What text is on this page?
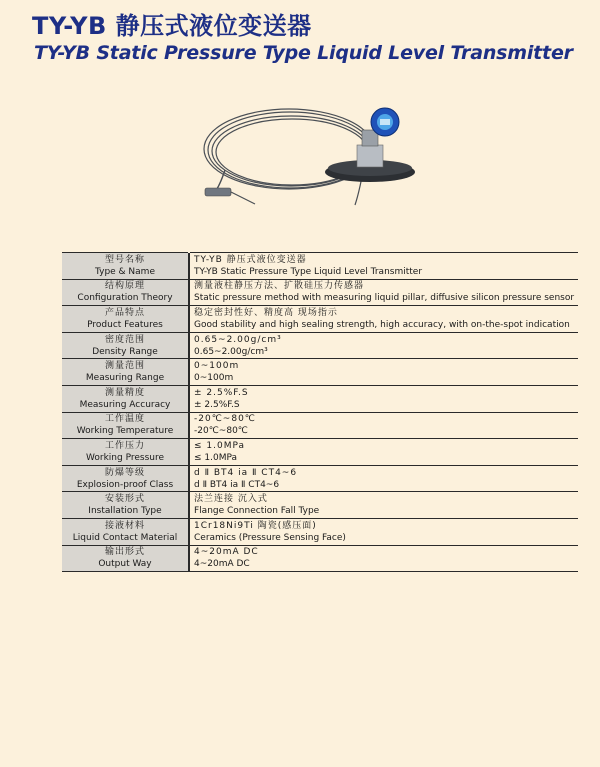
TY-YB 静压式液位变送器
TY-YB Static Pressure Type Liquid Level Transmitter
型号名称
Type & Name		TY-YB 静压式液位变送器
TY-YB Static Pressure Type Liquid Level Transmitter

结构原理
Configuration Theory		测量液柱静压方法、扩散硅压力传感器
Static pressure method with measuring liquid pillar, diffusive silicon pressure sensor

产品特点
Product Features		稳定密封性好、精度高 现场指示
Good stability and high sealing strength, high accuracy, with on-the-spot indication

密度范围
Density Range		0.65~2.00g/cm³
0.65~2.00g/cm³

测量范围
Measuring Range		0~100m
0~100m

测量精度
Measuring Accuracy		± 2.5%F.S
± 2.5%F.S

工作温度
Working Temperature		-20℃~80℃
-20℃~80℃

工作压力
Working Pressure		≤ 1.0MPa
≤ 1.0MPa

防爆等级
Explosion-proof Class		d Ⅱ BT4 ia Ⅱ CT4~6
d Ⅱ BT4 ia Ⅱ CT4~6

安装形式
Installation Type		法兰连接 沉入式
Flange Connection Fall Type

接液材料
Liquid Contact Material		1Cr18Ni9Ti 陶瓷(感压面)
Ceramics (Pressure Sensing Face)

输出形式
Output Way		4~20mA DC
4~20mA DC
